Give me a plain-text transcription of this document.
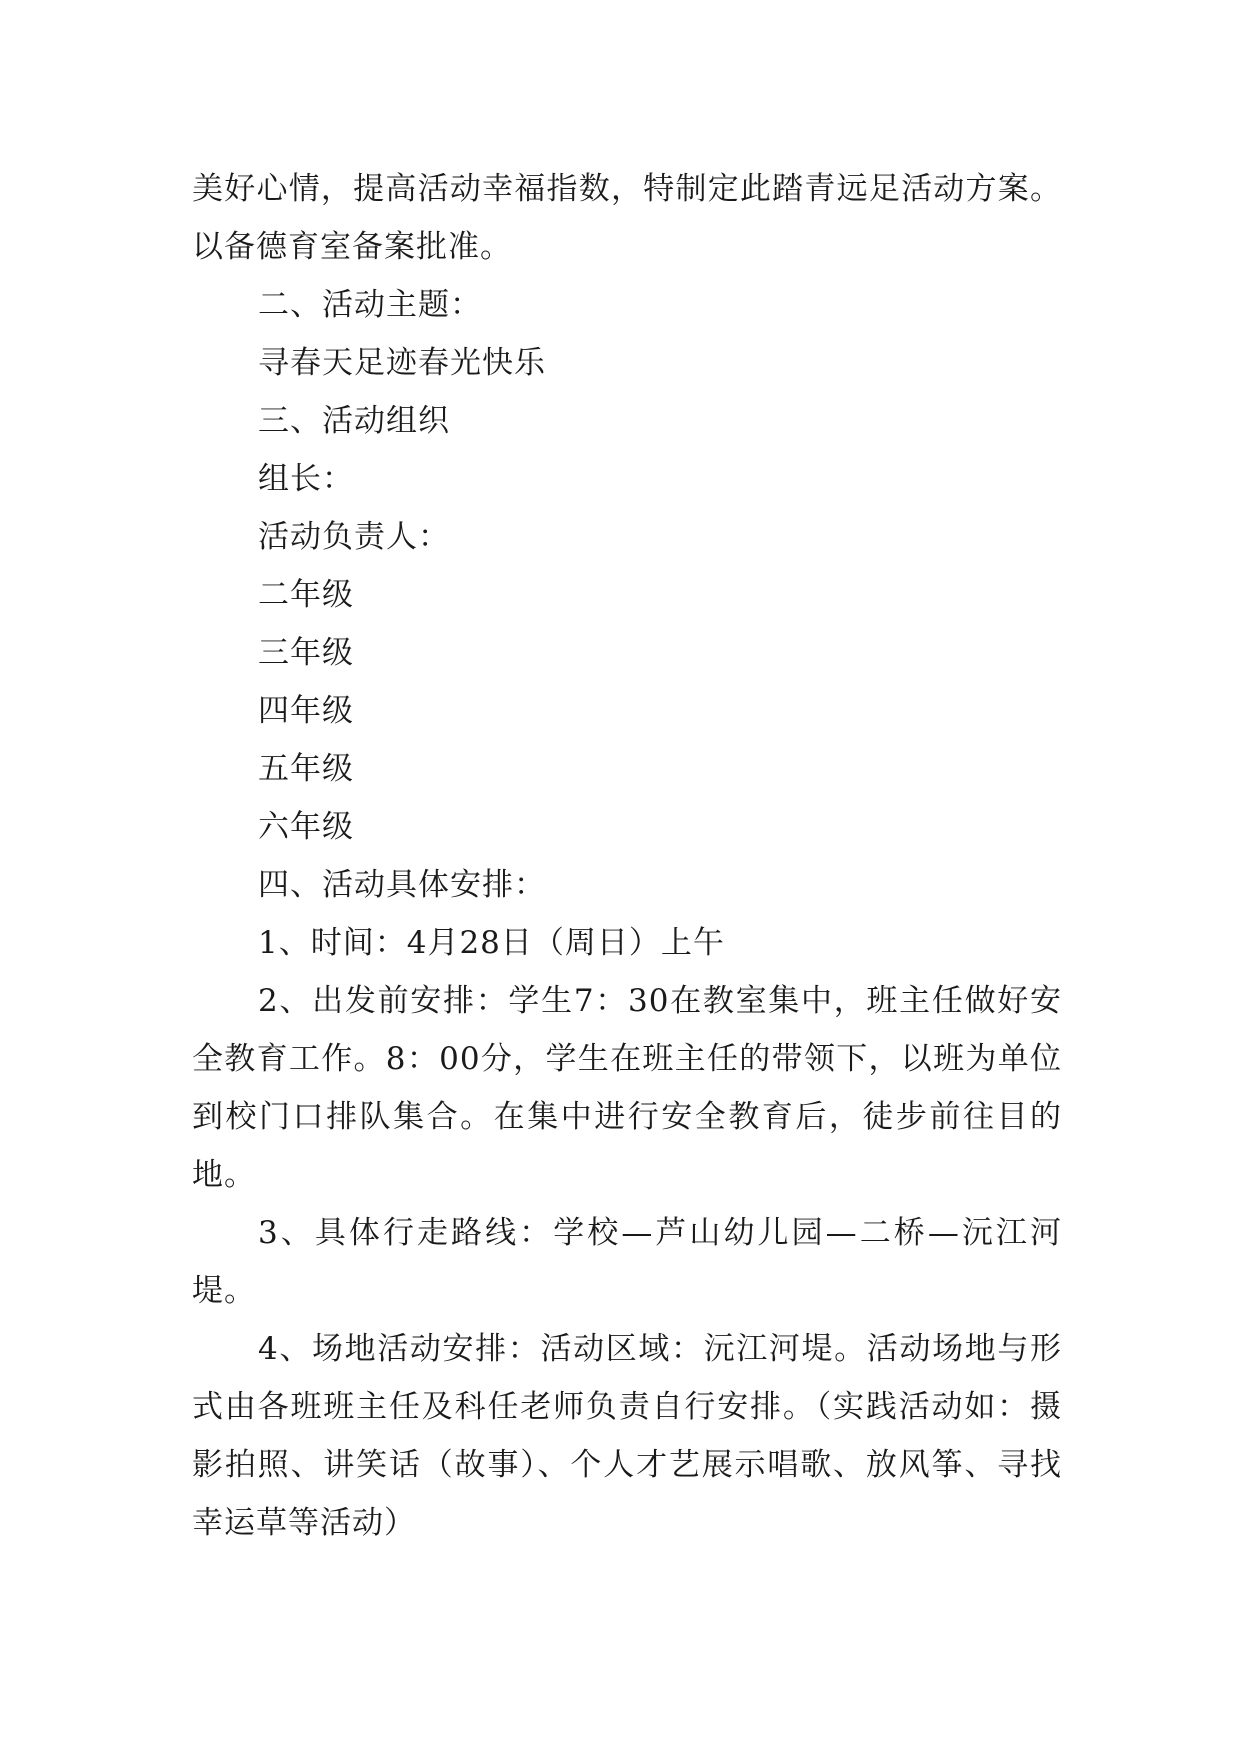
美好心情，提高活动幸福指数，特制定此踏青远足活动方案。以备德育室备案批准。

二、活动主题：

寻春天足迹春光快乐

三、活动组织

组长：

活动负责人：

二年级

三年级

四年级

五年级

六年级

四、活动具体安排：

1、时间：4月28日（周日）上午

2、出发前安排：学生7：30在教室集中，班主任做好安全教育工作。8：00分，学生在班主任的带领下，以班为单位到校门口排队集合。在集中进行安全教育后，徒步前往目的地。

3、具体行走路线：学校—芦山幼儿园—二桥—沅江河堤。

4、场地活动安排：活动区域：沅江河堤。活动场地与形式由各班班主任及科任老师负责自行安排。（实践活动如：摄影拍照、讲笑话（故事）、个人才艺展示唱歌、放风筝、寻找幸运草等活动）
